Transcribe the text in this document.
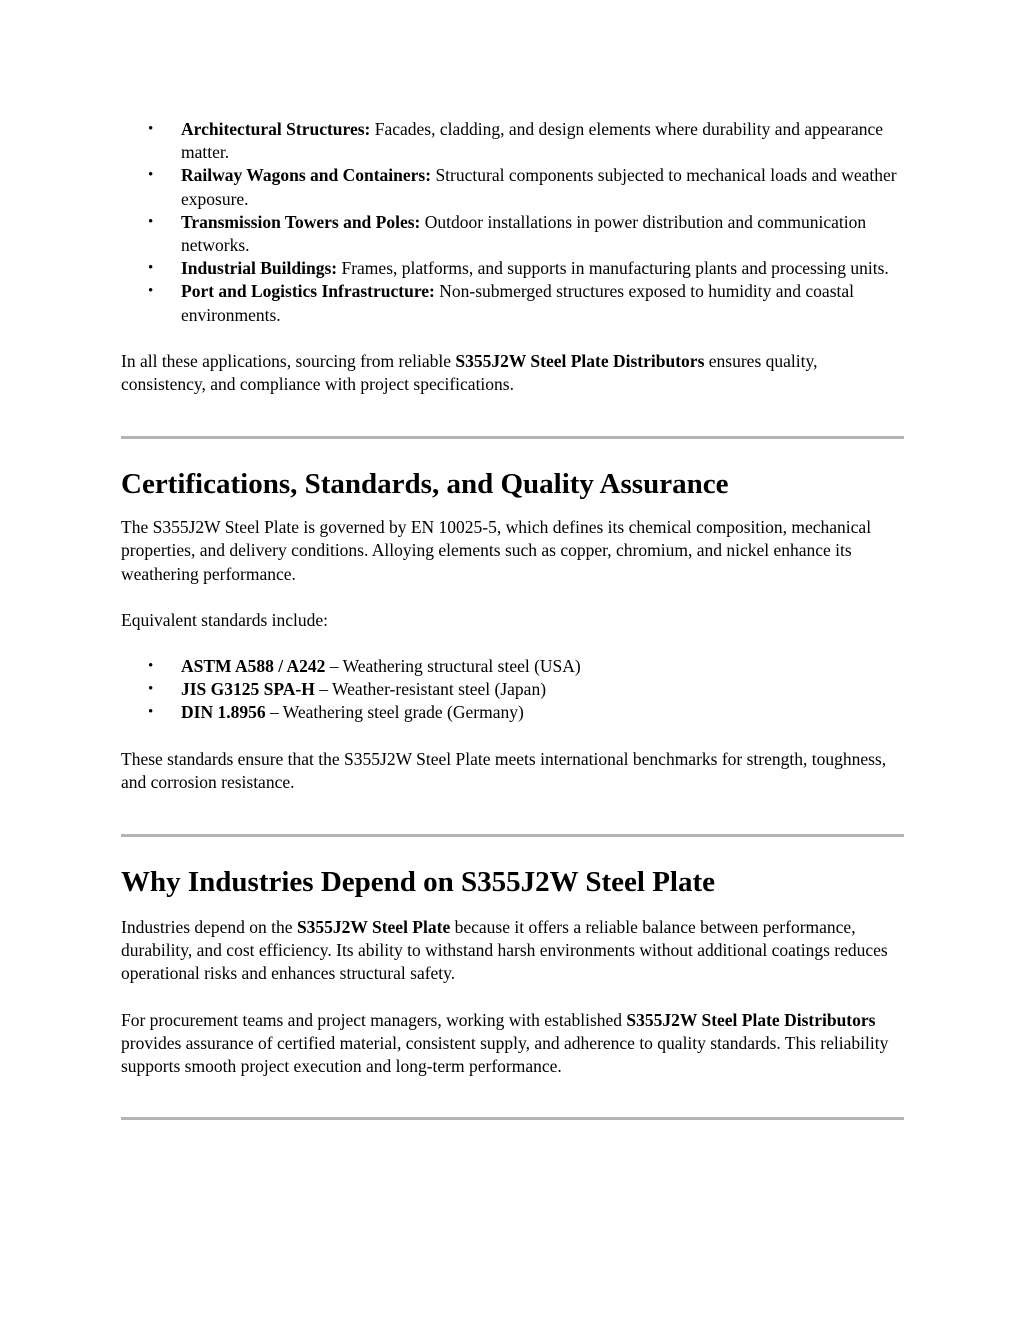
• Architectural Structures: Facades, cladding, and design elements where durability and appearance matter.
• Railway Wagons and Containers: Structural components subjected to mechanical loads and weather exposure.
• Transmission Towers and Poles: Outdoor installations in power distribution and communication networks.
• Industrial Buildings: Frames, platforms, and supports in manufacturing plants and processing units.
• Port and Logistics Infrastructure: Non-submerged structures exposed to humidity and coastal environments.

In all these applications, sourcing from reliable S355J2W Steel Plate Distributors ensures quality, consistency, and compliance with project specifications.

Certifications, Standards, and Quality Assurance

The S355J2W Steel Plate is governed by EN 10025-5, which defines its chemical composition, mechanical properties, and delivery conditions. Alloying elements such as copper, chromium, and nickel enhance its weathering performance.

Equivalent standards include:

• ASTM A588 / A242 – Weathering structural steel (USA)
• JIS G3125 SPA-H – Weather-resistant steel (Japan)
• DIN 1.8956 – Weathering steel grade (Germany)

These standards ensure that the S355J2W Steel Plate meets international benchmarks for strength, toughness, and corrosion resistance.

Why Industries Depend on S355J2W Steel Plate

Industries depend on the S355J2W Steel Plate because it offers a reliable balance between performance, durability, and cost efficiency. Its ability to withstand harsh environments without additional coatings reduces operational risks and enhances structural safety.

For procurement teams and project managers, working with established S355J2W Steel Plate Distributors provides assurance of certified material, consistent supply, and adherence to quality standards. This reliability supports smooth project execution and long-term performance.
